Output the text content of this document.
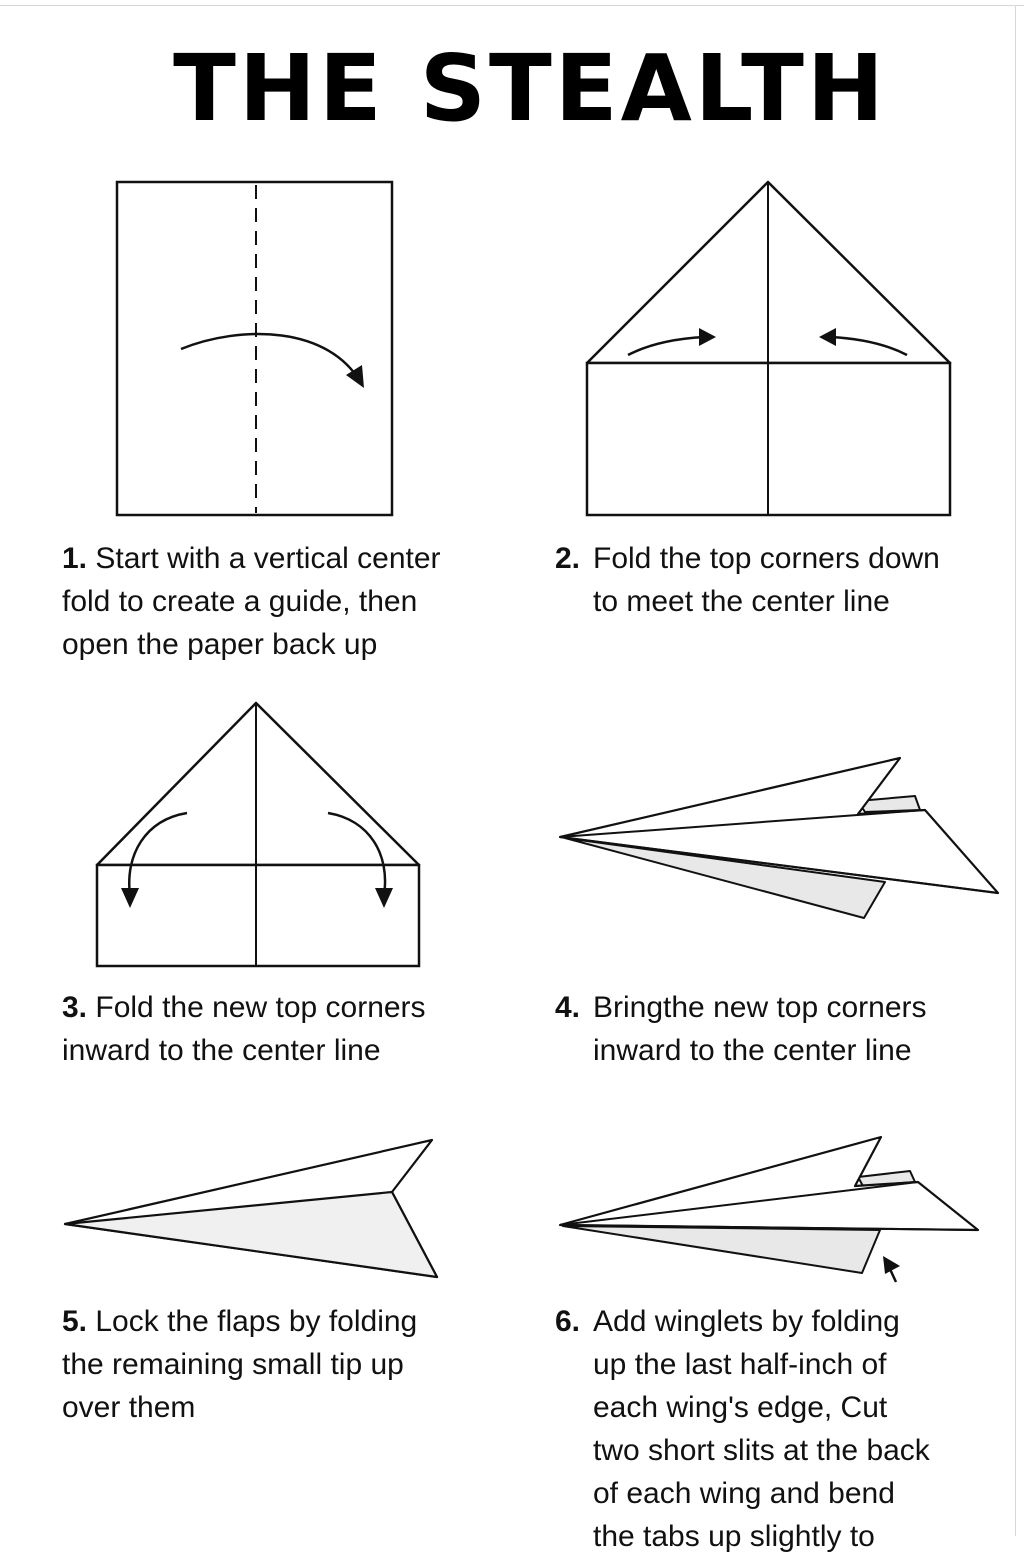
THE STEALTH
1. Start with a vertical center
fold to create a guide, then
open the paper back up
2. Fold the top corners down
to meet the center line
3. Fold the new top corners
inward to the center line
4. Bringthe new top corners
inward to the center line
5. Lock the flaps by folding
the remaining small tip up
over them
6. Add winglets by folding
up the last half-inch of
each wing's edge, Cut
two short slits at the back
of each wing and bend
the tabs up slightly to
